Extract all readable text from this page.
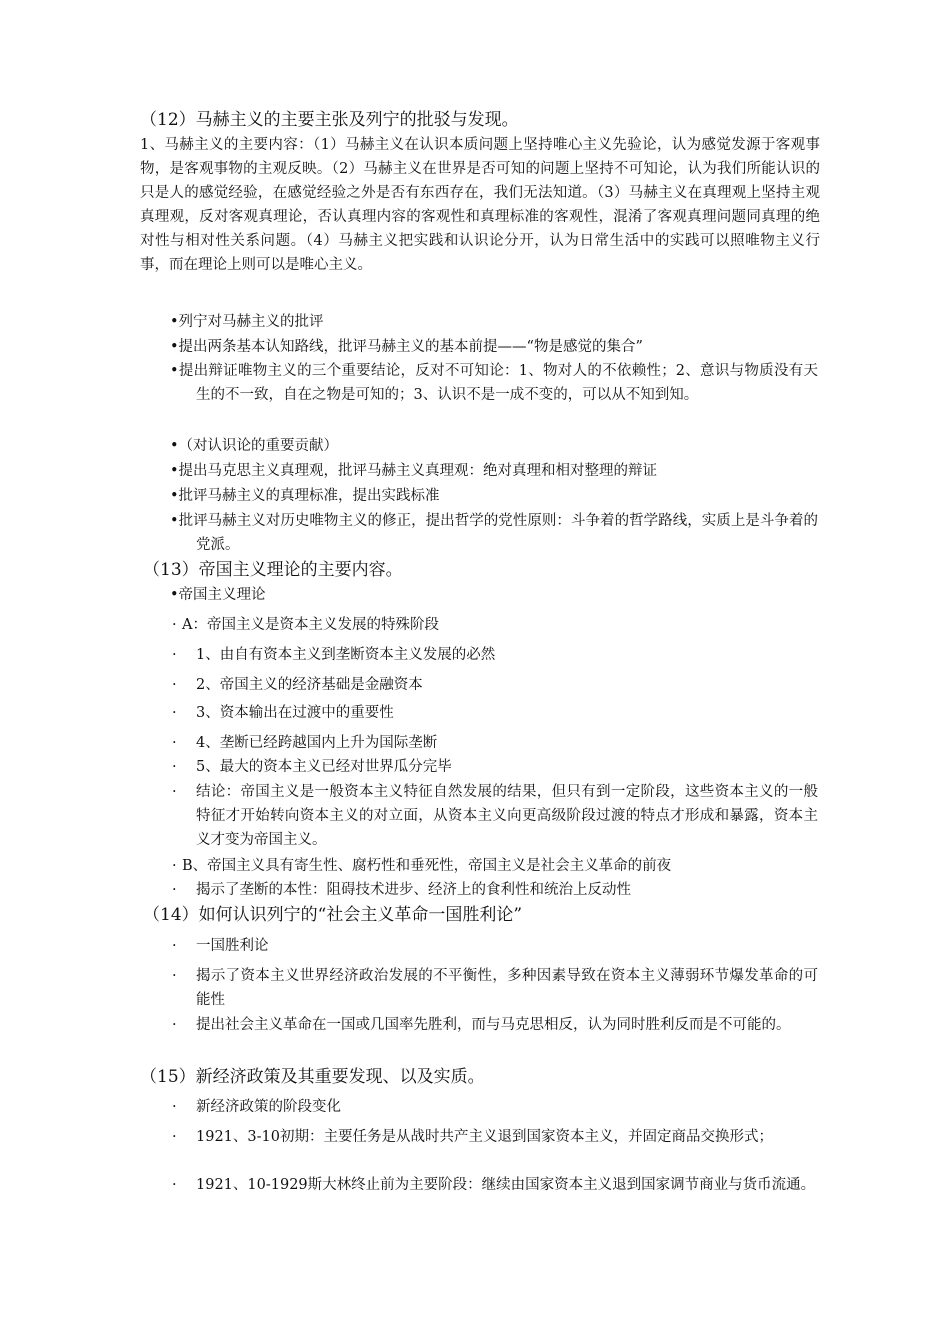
（12）马赫主义的主要主张及列宁的批驳与发现。
1、马赫主义的主要内容：（1）马赫主义在认识本质问题上坚持唯心主义先验论，认为感觉发源于客观事物，是客观事物的主观反映。（2）马赫主义在世界是否可知的问题上坚持不可知论，认为我们所能认识的只是人的感觉经验，在感觉经验之外是否有东西存在，我们无法知道。（3）马赫主义在真理观上坚持主观真理观，反对客观真理论，否认真理内容的客观性和真理标准的客观性，混淆了客观真理问题同真理的绝对性与相对性关系问题。（4）马赫主义把实践和认识论分开，认为日常生活中的实践可以照唯物主义行事，而在理论上则可以是唯心主义。
•列宁对马赫主义的批评
•提出两条基本认知路线，批评马赫主义的基本前提——“物是感觉的集合”
•提出辩证唯物主义的三个重要结论，反对不可知论：1、物对人的不依赖性；2、意识与物质没有天生的不一致，自在之物是可知的；3、认识不是一成不变的，可以从不知到知。
•（对认识论的重要贡献）
•提出马克思主义真理观，批评马赫主义真理观：绝对真理和相对整理的辩证
•批评马赫主义的真理标准，提出实践标准
•批评马赫主义对历史唯物主义的修正，提出哲学的党性原则：斗争着的哲学路线，实质上是斗争着的党派。
（13）帝国主义理论的主要内容。
•帝国主义理论
· A：帝国主义是资本主义发展的特殊阶段
·	1、由自有资本主义到垄断资本主义发展的必然
·	2、帝国主义的经济基础是金融资本
·	3、资本输出在过渡中的重要性
·	4、垄断已经跨越国内上升为国际垄断
·	5、最大的资本主义已经对世界瓜分完毕
·	结论：帝国主义是一般资本主义特征自然发展的结果，但只有到一定阶段，这些资本主义的一般特征才开始转向资本主义的对立面，从资本主义向更高级阶段过渡的特点才形成和暴露，资本主义才变为帝国主义。
· B、帝国主义具有寄生性、腐朽性和垂死性，帝国主义是社会主义革命的前夜
·	揭示了垄断的本性：阻碍技术进步、经济上的食利性和统治上反动性
（14）如何认识列宁的“社会主义革命一国胜利论”
·	一国胜利论
·	揭示了资本主义世界经济政治发展的不平衡性，多种因素导致在资本主义薄弱环节爆发革命的可能性
·	提出社会主义革命在一国或几国率先胜利，而与马克思相反，认为同时胜利反而是不可能的。
（15）新经济政策及其重要发现、以及实质。
·	新经济政策的阶段变化
·	1921、3-10初期：主要任务是从战时共产主义退到国家资本主义，并固定商品交换形式；
·	1921、10-1929斯大林终止前为主要阶段：继续由国家资本主义退到国家调节商业与货币流通。
